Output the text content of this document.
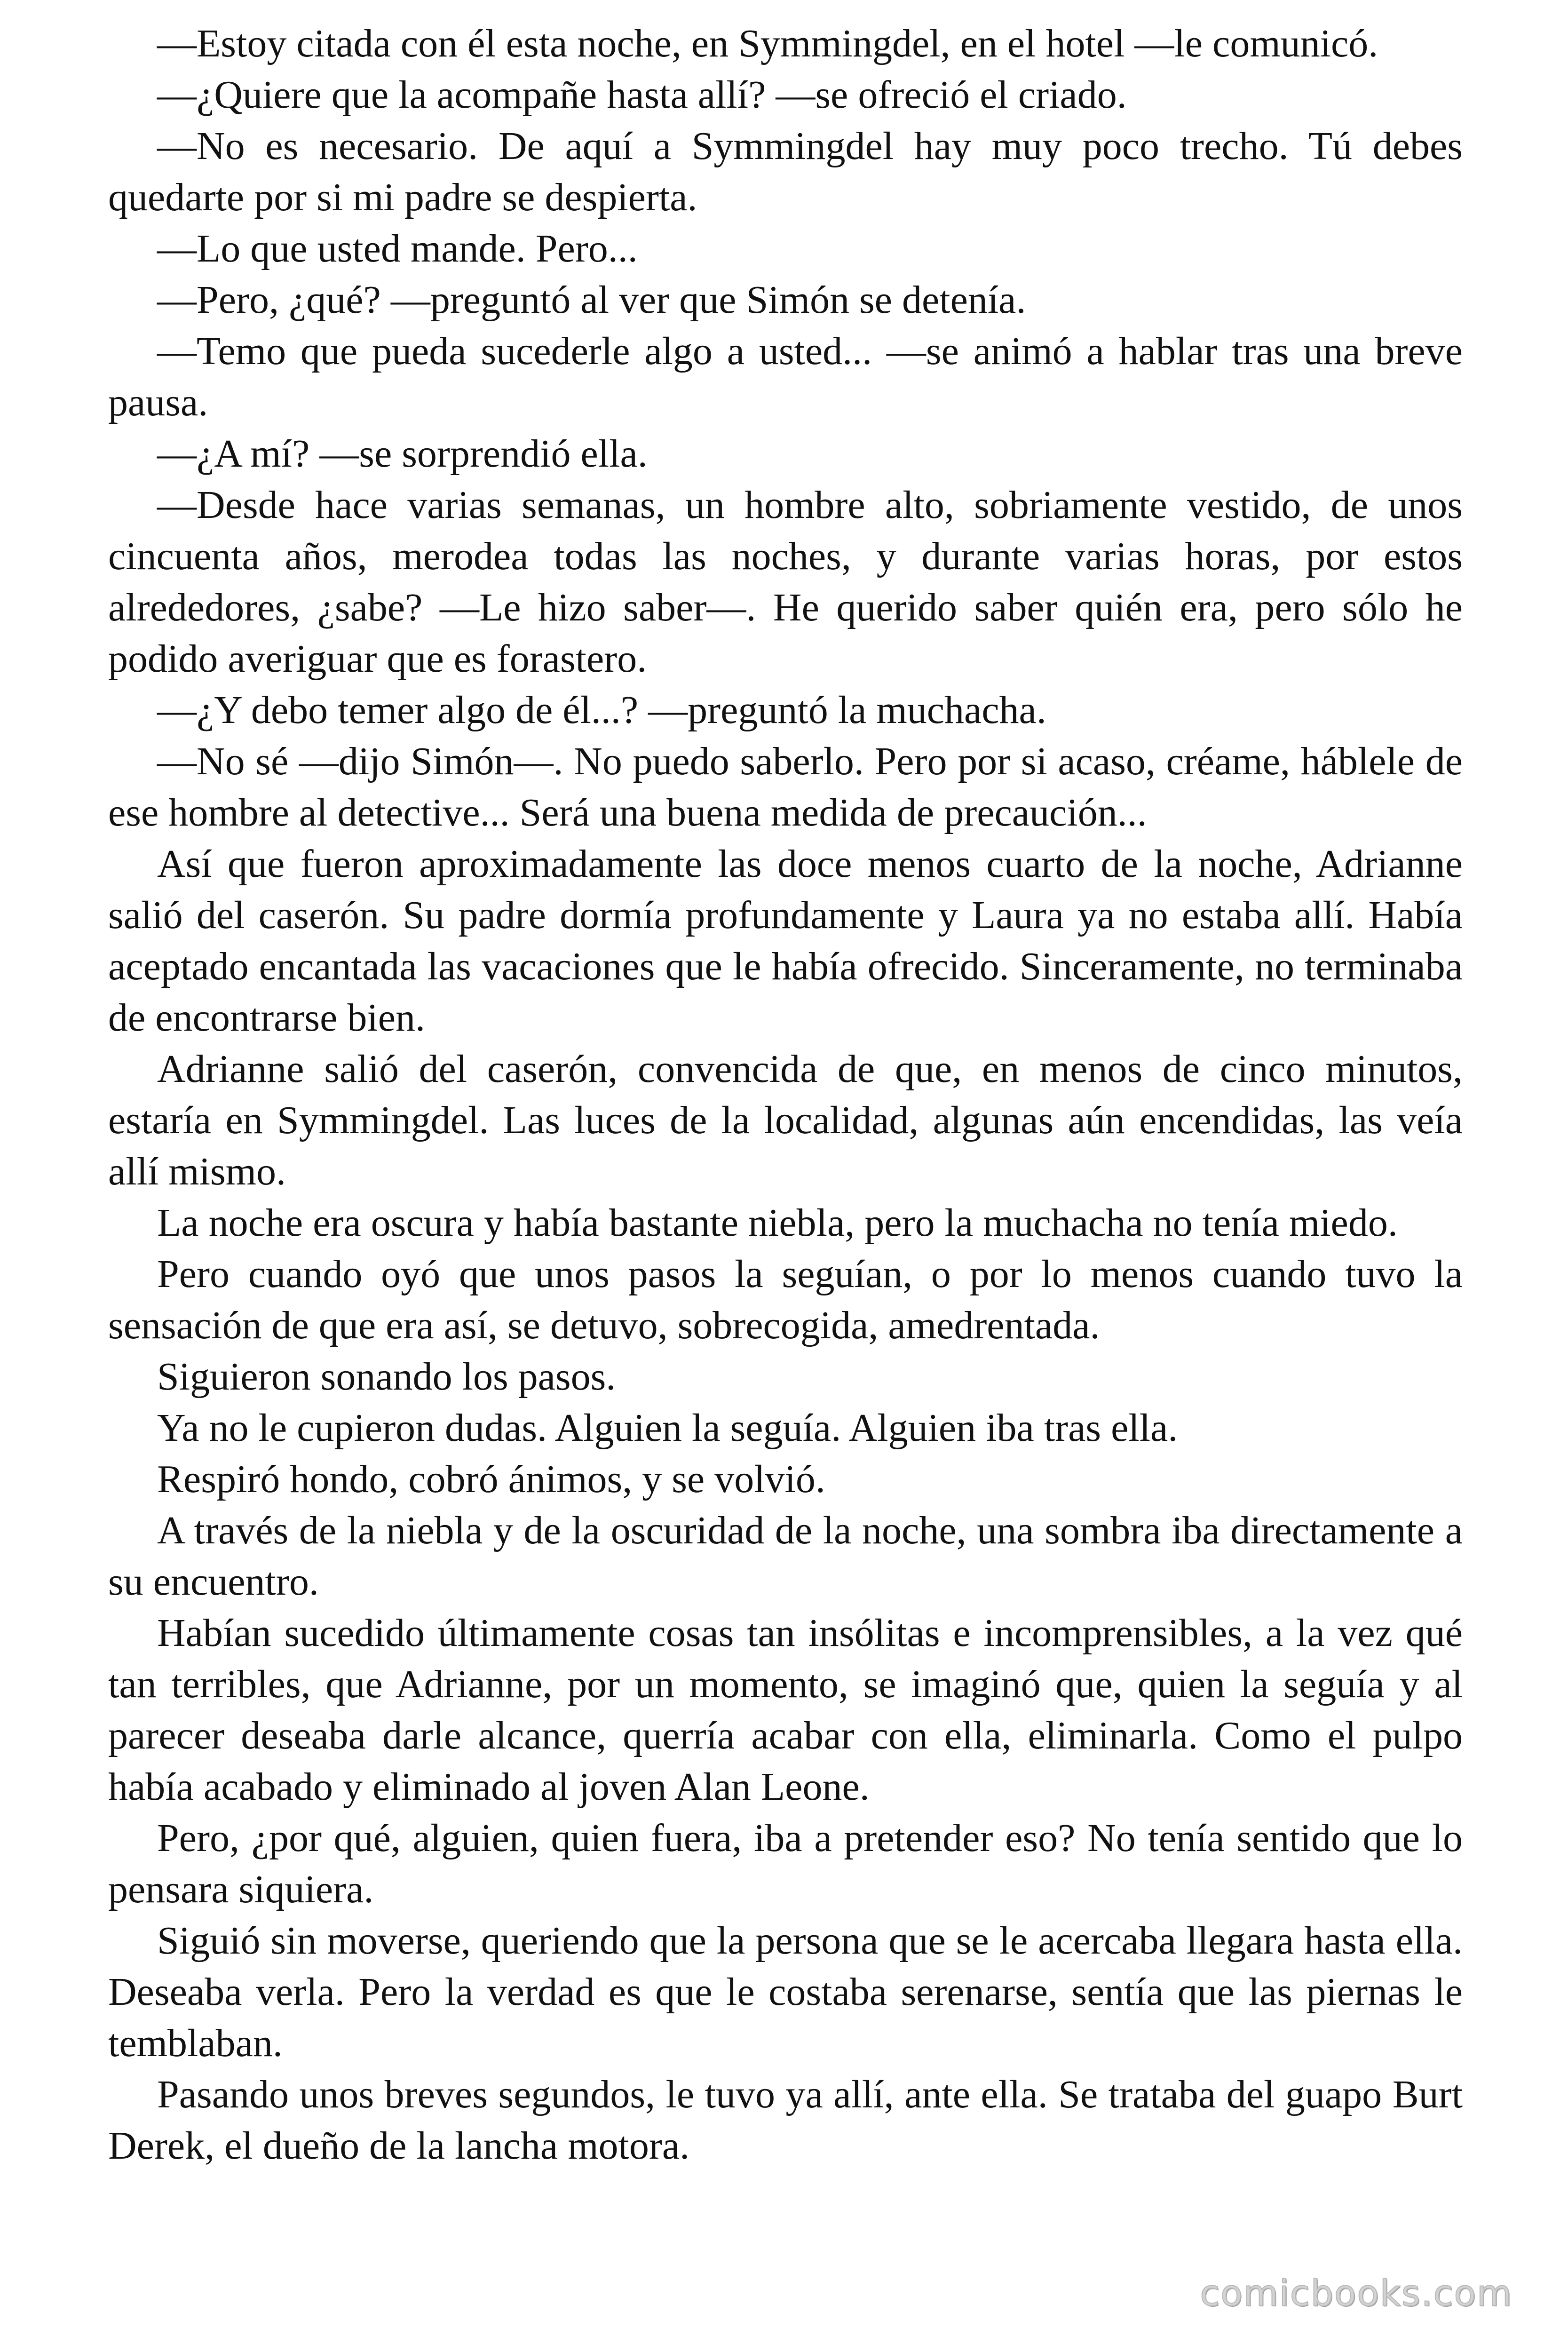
—Estoy citada con él esta noche, en Symmingdel, en el hotel —le comunicó.

—¿Quiere que la acompañe hasta allí? —se ofreció el criado.

—No es necesario. De aquí a Symmingdel hay muy poco trecho. Tú debes quedarte por si mi padre se despierta.

—Lo que usted mande. Pero...

—Pero, ¿qué? —preguntó al ver que Simón se detenía.

—Temo que pueda sucederle algo a usted... —se animó a hablar tras una breve pausa.

—¿A mí? —se sorprendió ella.

—Desde hace varias semanas, un hombre alto, sobriamente vestido, de unos cincuenta años, merodea todas las noches, y durante varias horas, por estos alrededores, ¿sabe? —Le hizo saber—. He querido saber quién era, pero sólo he podido averiguar que es forastero.

—¿Y debo temer algo de él...? —preguntó la muchacha.

—No sé —dijo Simón—. No puedo saberlo. Pero por si acaso, créame, háblele de ese hombre al detective... Será una buena medida de precaución...

Así que fueron aproximadamente las doce menos cuarto de la noche, Adrianne salió del caserón. Su padre dormía profundamente y Laura ya no estaba allí. Había aceptado encantada las vacaciones que le había ofrecido. Sinceramente, no terminaba de encontrarse bien.

Adrianne salió del caserón, convencida de que, en menos de cinco minutos, estaría en Symmingdel. Las luces de la localidad, algunas aún encendidas, las veía allí mismo.

La noche era oscura y había bastante niebla, pero la muchacha no tenía miedo.

Pero cuando oyó que unos pasos la seguían, o por lo menos cuando tuvo la sensación de que era así, se detuvo, sobrecogida, amedrentada.

Siguieron sonando los pasos.

Ya no le cupieron dudas. Alguien la seguía. Alguien iba tras ella.

Respiró hondo, cobró ánimos, y se volvió.

A través de la niebla y de la oscuridad de la noche, una sombra iba directamente a su encuentro.

Habían sucedido últimamente cosas tan insólitas e incomprensibles, a la vez qué tan terribles, que Adrianne, por un momento, se imaginó que, quien la seguía y al parecer deseaba darle alcance, querría acabar con ella, eliminarla. Como el pulpo había acabado y eliminado al joven Alan Leone.

Pero, ¿por qué, alguien, quien fuera, iba a pretender eso? No tenía sentido que lo pensara siquiera.

Siguió sin moverse, queriendo que la persona que se le acercaba llegara hasta ella. Deseaba verla. Pero la verdad es que le costaba serenarse, sentía que las piernas le temblaban.

Pasando unos breves segundos, le tuvo ya allí, ante ella. Se trataba del guapo Burt Derek, el dueño de la lancha motora.

comicbooks.com
